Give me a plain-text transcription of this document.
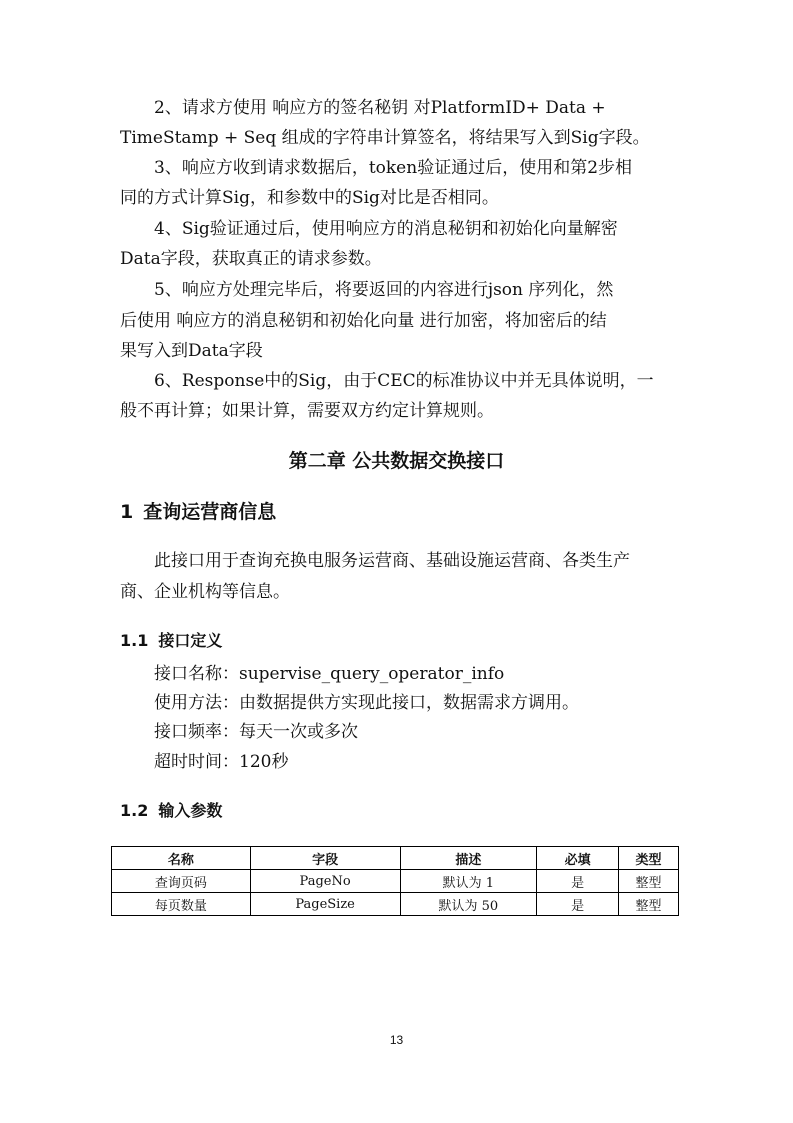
2、请求方使用 响应方的签名秘钥 对PlatformID+ Data +

TimeStamp + Seq 组成的字符串计算签名，将结果写入到Sig字段。

3、响应方收到请求数据后，token验证通过后，使用和第2步相

同的方式计算Sig，和参数中的Sig对比是否相同。

4、Sig验证通过后，使用响应方的消息秘钥和初始化向量解密

Data字段，获取真正的请求参数。

5、响应方处理完毕后，将要返回的内容进行json 序列化，然

后使用 响应方的消息秘钥和初始化向量 进行加密，将加密后的结

果写入到Data字段

6、Response中的Sig，由于CEC的标准协议中并无具体说明，一

般不再计算；如果计算，需要双方约定计算规则。

第二章 公共数据交换接口
1 查询运营商信息

此接口用于查询充换电服务运营商、基础设施运营商、各类生产

商、企业机构等信息。

1.1 接口定义

接口名称：supervise_query_operator_info

使用方法：由数据提供方实现此接口，数据需求方调用。

接口频率：每天一次或多次

超时时间：120秒

1.2 输入参数
名称	字段	描述	必填	类型
查询页码	PageNo	默认为 1	是	整型
每页数量	PageSize	默认为 50	是	整型
13
